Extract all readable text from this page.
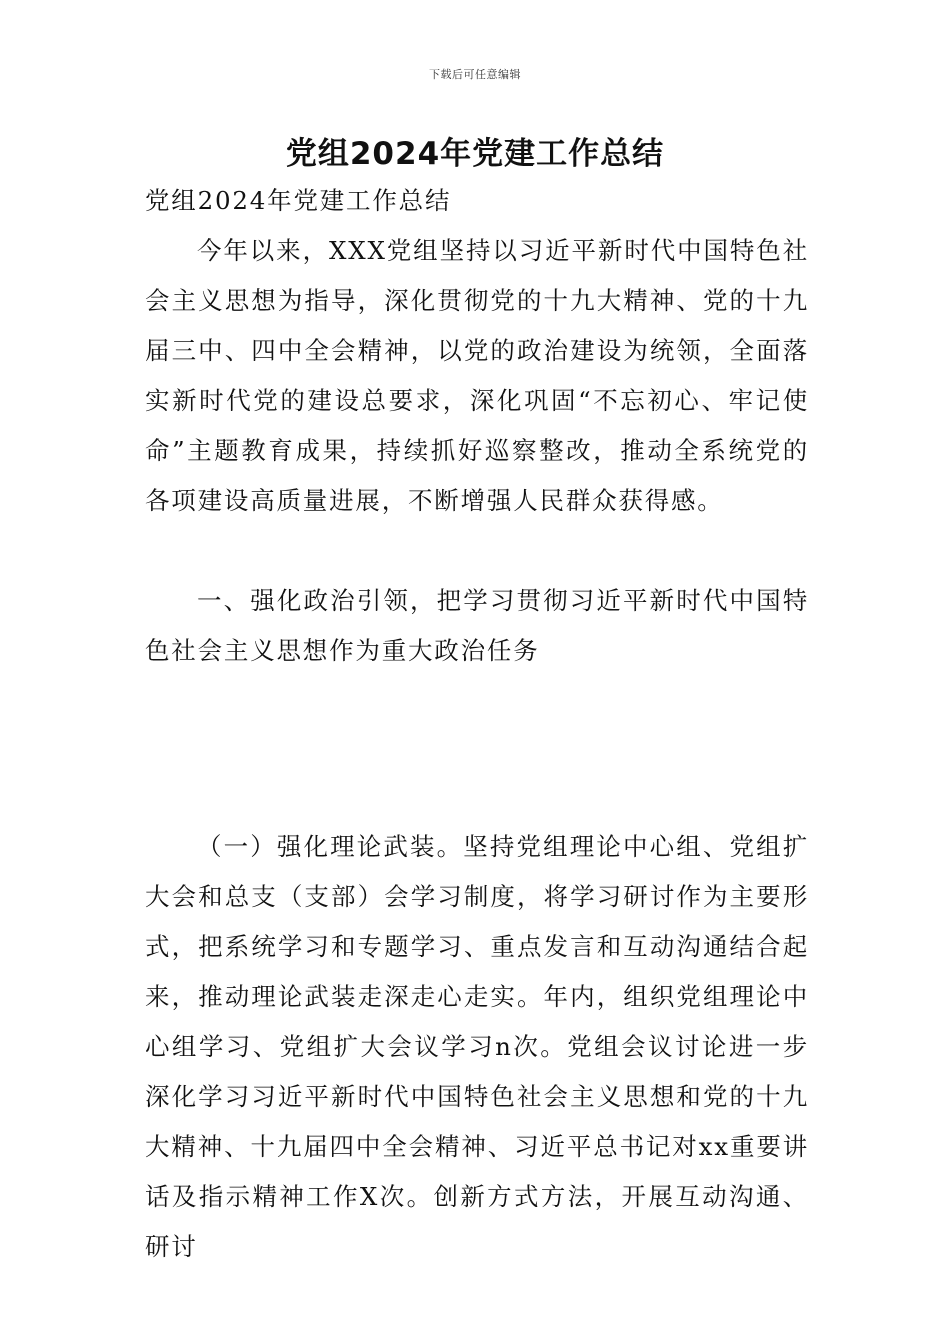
下载后可任意编辑
党组2024年党建工作总结

党组2024年党建工作总结

今年以来，XXX党组坚持以习近平新时代中国特色社会主义思想为指导，深化贯彻党的十九大精神、党的十九届三中、四中全会精神，以党的政治建设为统领，全面落实新时代党的建设总要求，深化巩固“不忘初心、牢记使命”主题教育成果，持续抓好巡察整改，推动全系统党的各项建设高质量进展，不断增强人民群众获得感。

一、强化政治引领，把学习贯彻习近平新时代中国特色社会主义思想作为重大政治任务

（一）强化理论武装。坚持党组理论中心组、党组扩大会和总支（支部）会学习制度，将学习研讨作为主要形式，把系统学习和专题学习、重点发言和互动沟通结合起来，推动理论武装走深走心走实。年内，组织党组理论中心组学习、党组扩大会议学习n次。党组会议讨论进一步深化学习习近平新时代中国特色社会主义思想和党的十九大精神、十九届四中全会精神、习近平总书记对xx重要讲话及指示精神工作X次。创新方式方法，开展互动沟通、研讨
